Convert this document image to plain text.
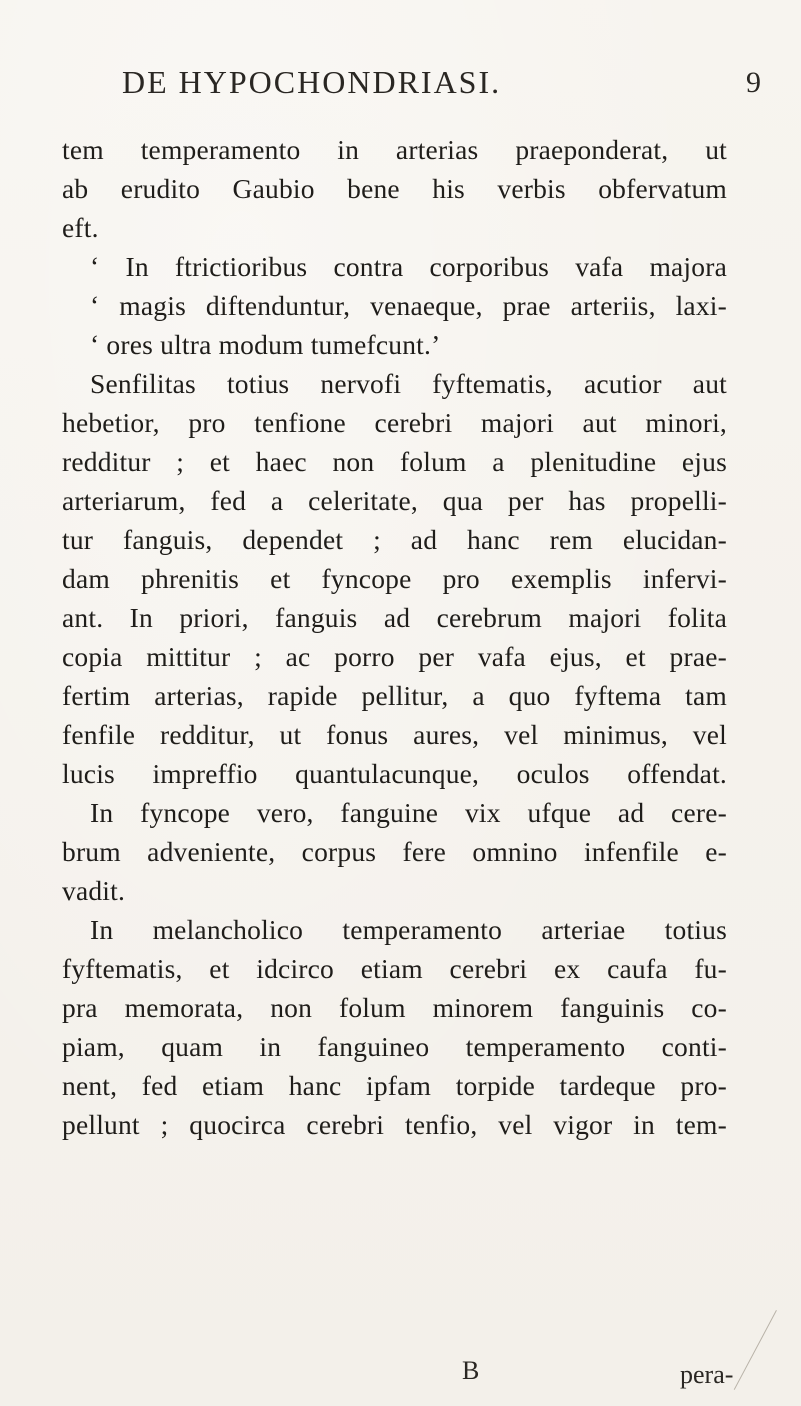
DE HYPOCHONDRIASI.	9
tem temperamento in arterias praeponderat, ut
ab erudito Gaubio bene his verbis obfervatum
eft.
‘ In ftrictioribus contra corporibus vafa majora
‘ magis diftenduntur, venaeque, prae arteriis, laxi-
‘ ores ultra modum tumefcunt.’
Senfilitas totius nervofi fyftematis, acutior aut
hebetior, pro tenfione cerebri majori aut minori,
redditur ; et haec non folum a plenitudine ejus
arteriarum, fed a celeritate, qua per has propelli-
tur fanguis, dependet ; ad hanc rem elucidan-
dam phrenitis et fyncope pro exemplis infervi-
ant. In priori, fanguis ad cerebrum majori folita
copia mittitur ; ac porro per vafa ejus, et prae-
fertim arterias, rapide pellitur, a quo fyftema tam
fenfile redditur, ut fonus aures, vel minimus, vel
lucis impreffio quantulacunque, oculos offendat.
In fyncope vero, fanguine vix ufque ad cere-
brum adveniente, corpus fere omnino infenfile e-
vadit.
In melancholico temperamento arteriae totius
fyftematis, et idcirco etiam cerebri ex caufa fu-
pra memorata, non folum minorem fanguinis co-
piam, quam in fanguineo temperamento conti-
nent, fed etiam hanc ipfam torpide tardeque pro-
pellunt ; quocirca cerebri tenfio, vel vigor in tem-
B	pera-
